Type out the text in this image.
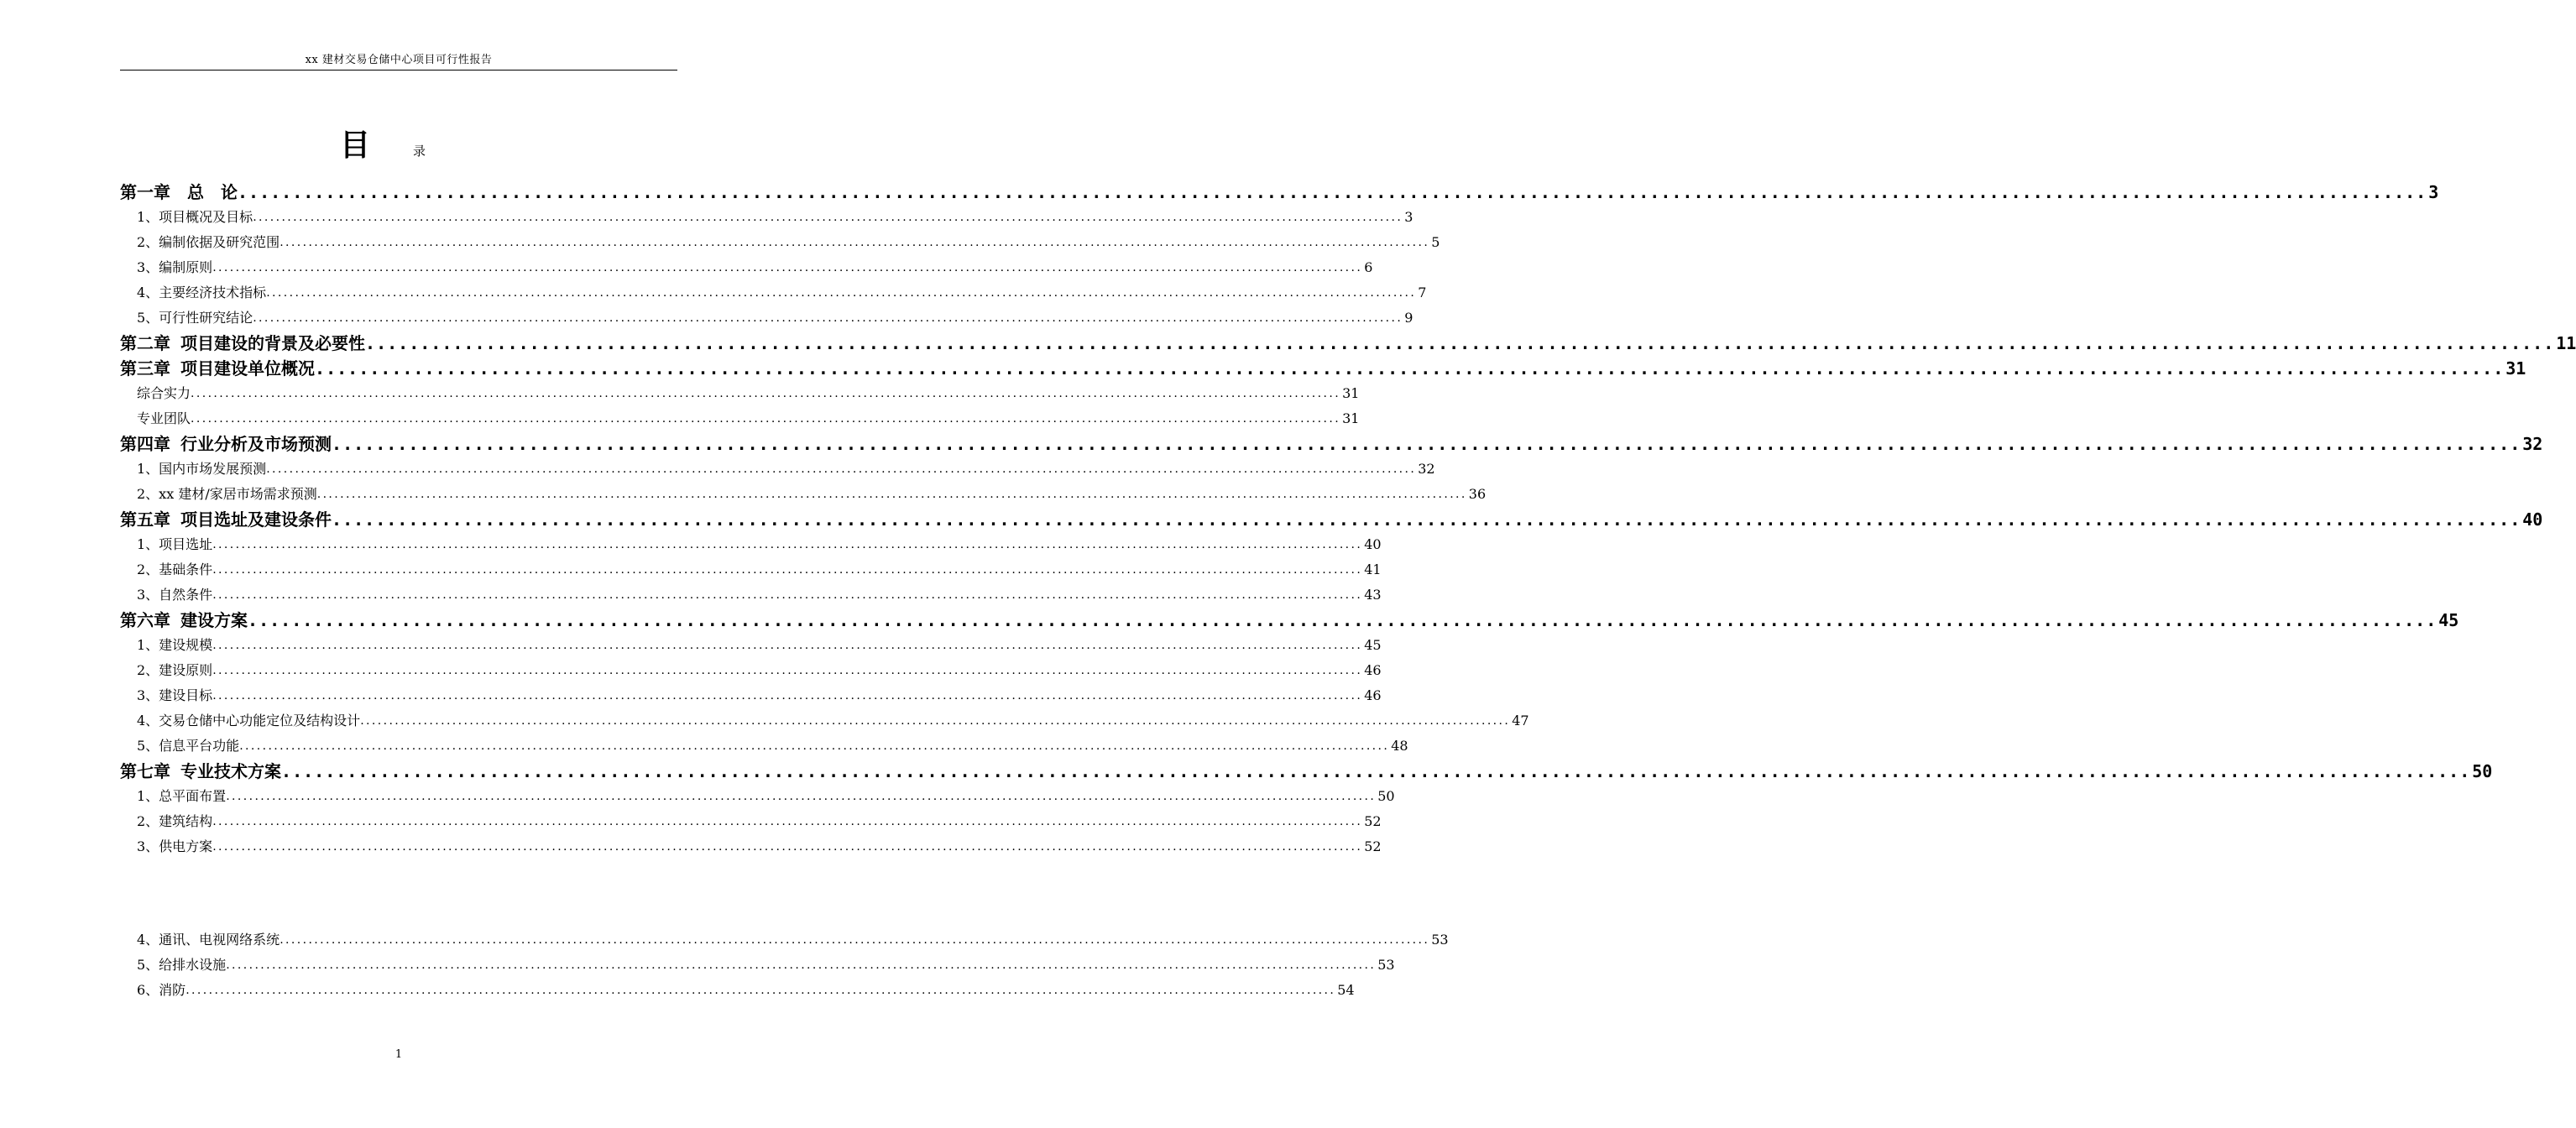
xx 建材交易仓储中心项目可行性报告
目	录
第一章　总　论 ........................................................................................................................................................................................................ 3
1、项目概况及目标 ........................................................................................................................................................................................................ 3
2、编制依据及研究范围 ........................................................................................................................................................................................................ 5
3、编制原则 ........................................................................................................................................................................................................ 6
4、主要经济技术指标 ........................................................................................................................................................................................................ 7
5、可行性研究结论 ........................................................................................................................................................................................................ 9
第二章 项目建设的背景及必要性 ........................................................................................................................................................................................................ 11
第三章 项目建设单位概况 ........................................................................................................................................................................................................ 31
综合实力 ........................................................................................................................................................................................................ 31
专业团队 ........................................................................................................................................................................................................ 31
第四章 行业分析及市场预测 ........................................................................................................................................................................................................ 32
1、国内市场发展预测 ........................................................................................................................................................................................................ 32
2、xx 建材/家居市场需求预测 ........................................................................................................................................................................................................ 36
第五章 项目选址及建设条件 ........................................................................................................................................................................................................ 40
1、项目选址 ........................................................................................................................................................................................................ 40
2、基础条件 ........................................................................................................................................................................................................ 41
3、自然条件 ........................................................................................................................................................................................................ 43
第六章 建设方案 ........................................................................................................................................................................................................ 45
1、建设规模 ........................................................................................................................................................................................................ 45
2、建设原则 ........................................................................................................................................................................................................ 46
3、建设目标 ........................................................................................................................................................................................................ 46
4、交易仓储中心功能定位及结构设计 ........................................................................................................................................................................................................ 47
5、信息平台功能 ........................................................................................................................................................................................................ 48
第七章 专业技术方案 ........................................................................................................................................................................................................ 50
1、总平面布置 ........................................................................................................................................................................................................ 50
2、建筑结构 ........................................................................................................................................................................................................ 52
3、供电方案 ........................................................................................................................................................................................................ 52
4、通讯、电视网络系统 ........................................................................................................................................................................................................ 53
5、给排水设施 ........................................................................................................................................................................................................ 53
6、消防 ........................................................................................................................................................................................................ 54
1
